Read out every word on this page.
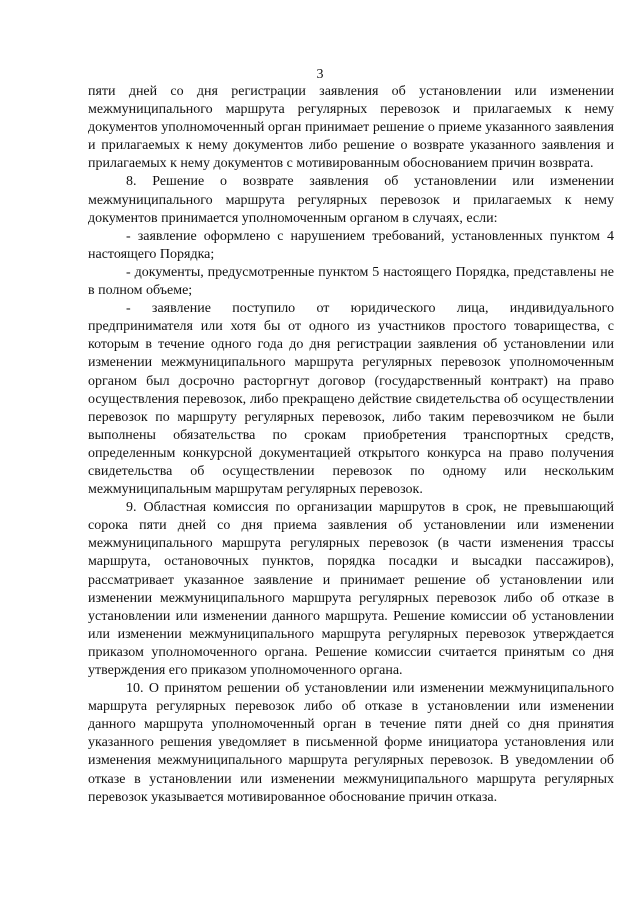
3

пяти дней со дня регистрации заявления об установлении или изменении межмуниципального маршрута регулярных перевозок и прилагаемых к нему документов уполномоченный орган принимает решение о приеме указанного заявления и прилагаемых к нему документов либо решение о возврате указанного заявления и прилагаемых к нему документов с мотивированным обоснованием причин возврата.

8. Решение о возврате заявления об установлении или изменении межмуниципального маршрута регулярных перевозок и прилагаемых к нему документов принимается уполномоченным органом в случаях, если:

- заявление оформлено с нарушением требований, установленных пунктом 4 настоящего Порядка;

- документы, предусмотренные пунктом 5 настоящего Порядка, представлены не в полном объеме;

- заявление поступило от юридического лица, индивидуального предпринимателя или хотя бы от одного из участников простого товарищества, с которым в течение одного года до дня регистрации заявления об установлении или изменении межмуниципального маршрута регулярных перевозок уполномоченным органом был досрочно расторгнут договор (государственный контракт) на право осуществления перевозок, либо прекращено действие свидетельства об осуществлении перевозок по маршруту регулярных перевозок, либо таким перевозчиком не были выполнены обязательства по срокам приобретения транспортных средств, определенным конкурсной документацией открытого конкурса на право получения свидетельства об осуществлении перевозок по одному или нескольким межмуниципальным маршрутам регулярных перевозок.

9. Областная комиссия по организации маршрутов в срок, не превышающий сорока пяти дней со дня приема заявления об установлении или изменении межмуниципального маршрута регулярных перевозок (в части изменения трассы маршрута, остановочных пунктов, порядка посадки и высадки пассажиров), рассматривает указанное заявление и принимает решение об установлении или изменении межмуниципального маршрута регулярных перевозок либо об отказе в установлении или изменении данного маршрута. Решение комиссии об установлении или изменении межмуниципального маршрута регулярных перевозок утверждается приказом уполномоченного органа. Решение комиссии считается принятым со дня утверждения его приказом уполномоченного органа.

10. О принятом решении об установлении или изменении межмуниципального маршрута регулярных перевозок либо об отказе в установлении или изменении данного маршрута уполномоченный орган в течение пяти дней со дня принятия указанного решения уведомляет в письменной форме инициатора установления или изменения межмуниципального маршрута регулярных перевозок. В уведомлении об отказе в установлении или изменении межмуниципального маршрута регулярных перевозок указывается мотивированное обоснование причин отказа.
